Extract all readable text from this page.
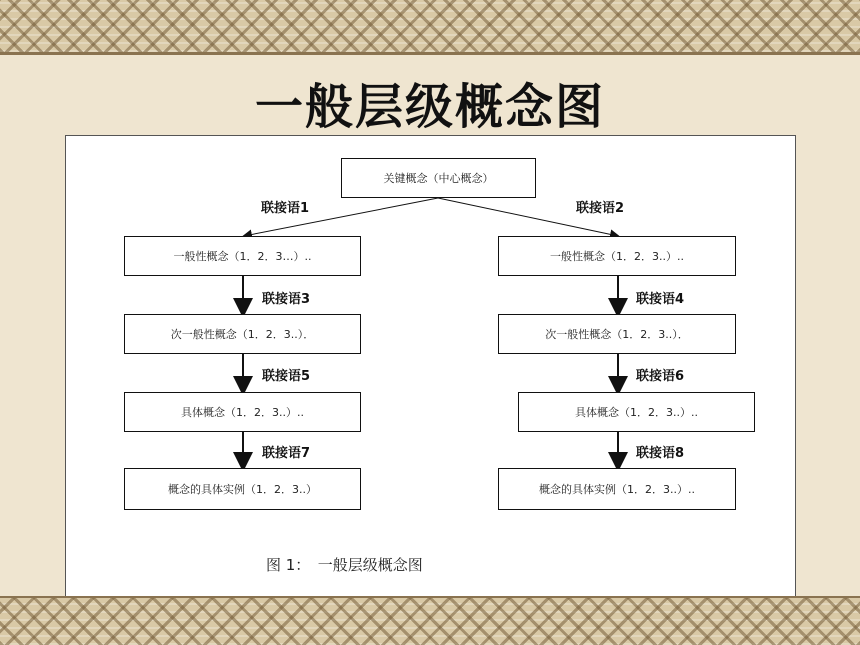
一般层级概念图
关键概念（中心概念）
一般性概念（1．2．3…）..
次一般性概念（1．2．3..）．
具体概念（1．2．3..）..
概念的具体实例（1．2．3..）
一般性概念（1．2．3..）..
次一般性概念（1．2．3..）．
具体概念（1．2．3..）..
概念的具体实例（1．2．3..）..
联接语1	联接语2
联接语3	联接语4
联接语5	联接语6
联接语7	联接语8
图 1：　一般层级概念图
